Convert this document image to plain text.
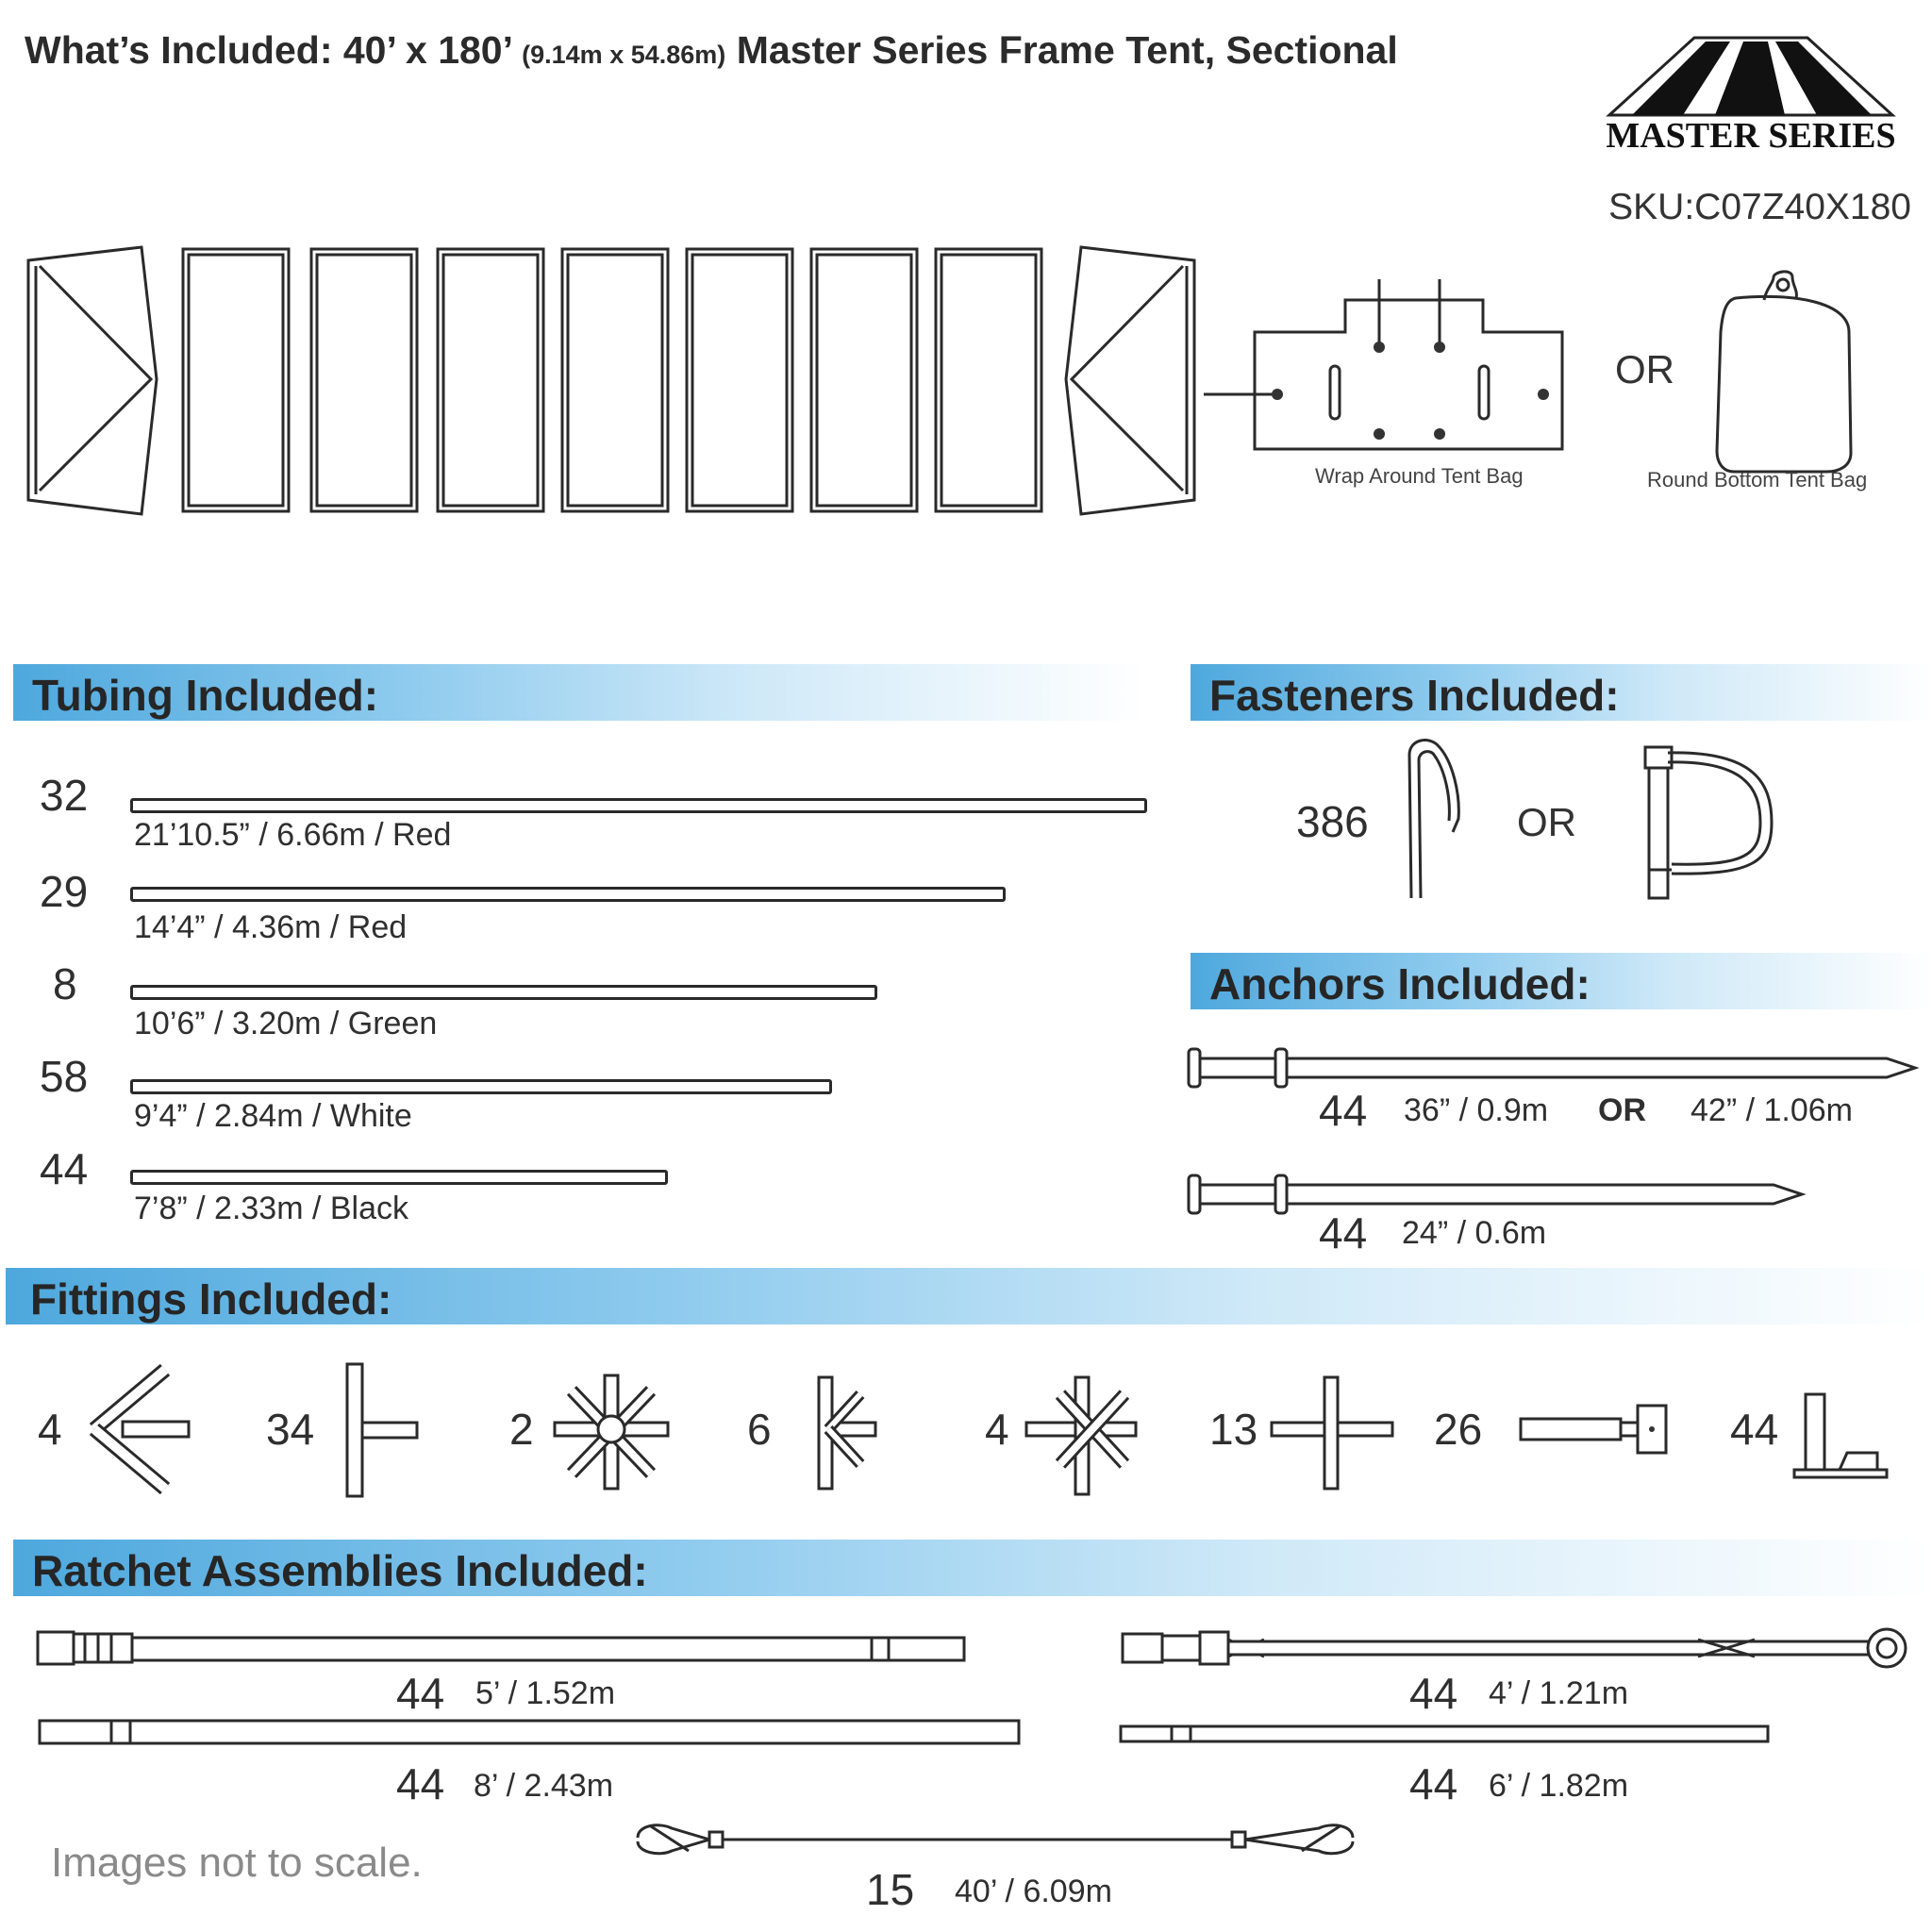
What’s Included: 40’ x 180’ (9.14m x 54.86m) Master Series Frame Tent, Sectional
MASTER SERIES
SKU:C07Z40X180
Wrap Around Tent Bag
OR
Round Bottom Tent Bag
Tubing Included:	Fasteners Included:
Anchors Included:
Fittings Included:
Ratchet Assemblies Included:
32
21’10.5” / 6.66m / Red
29
14’4” / 4.36m / Red
8
10’6” / 3.20m / Green
58
9’4” / 2.84m / White
44
7’8” / 2.33m / Black
386	OR
44 36” / 0.9m OR 42” / 1.06m
44 24” / 0.6m
4	34	2	6	4	13	26	44
44 5’ / 1.52m	44 4’ / 1.21m
44 8’ / 2.43m	44 6’ / 1.82m
15 40’ / 6.09m
Images not to scale.
